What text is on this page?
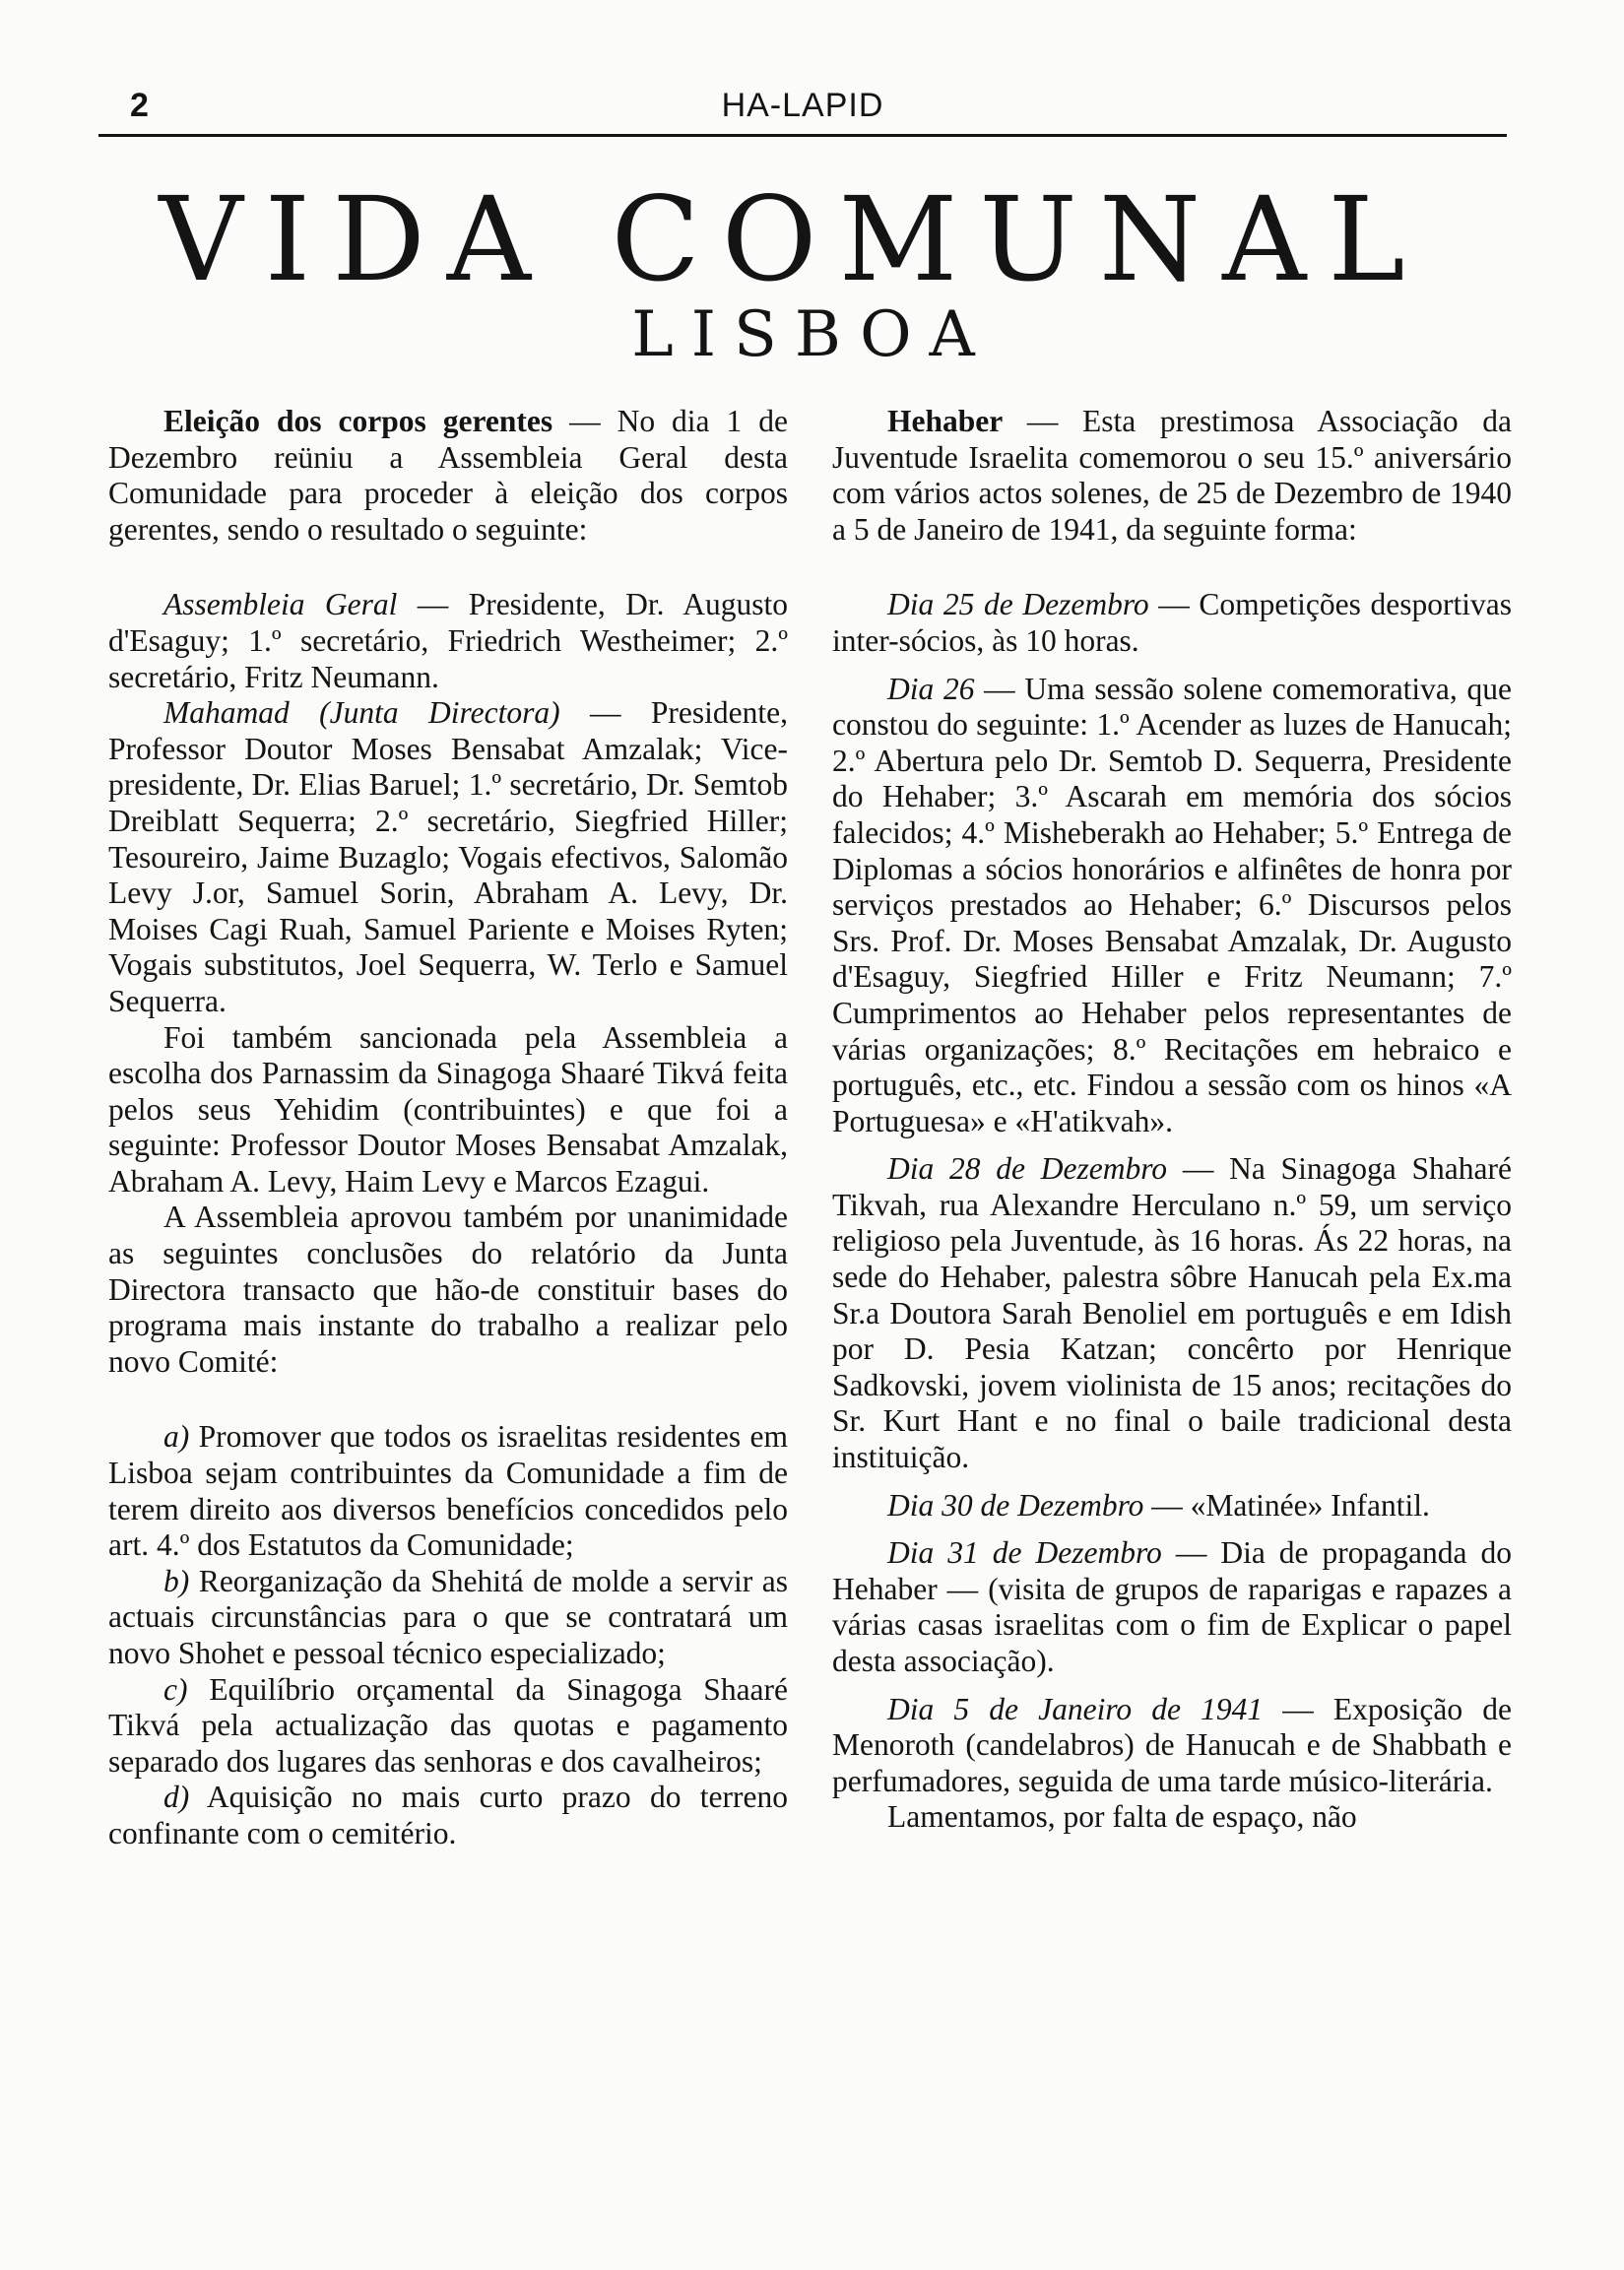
2	HA-LAPID
VIDA COMUNAL
LISBOA

Eleição dos corpos gerentes — No dia 1 de Dezembro reüniu a Assembleia Geral desta Comunidade para proceder à eleição dos corpos gerentes, sendo o resultado o seguinte:

Assembleia Geral — Presidente, Dr. Augusto d'Esaguy; 1.º secretário, Friedrich Westheimer; 2.º secretário, Fritz Neumann.

Mahamad (Junta Directora) — Presidente, Professor Doutor Moses Bensabat Amzalak; Vice-presidente, Dr. Elias Baruel; 1.º secretário, Dr. Semtob Dreiblatt Sequerra; 2.º secretário, Siegfried Hiller; Tesoureiro, Jaime Buzaglo; Vogais efectivos, Salomão Levy J.or, Samuel Sorin, Abraham A. Levy, Dr. Moises Cagi Ruah, Samuel Pariente e Moises Ryten; Vogais substitutos, Joel Sequerra, W. Terlo e Samuel Sequerra.

Foi também sancionada pela Assembleia a escolha dos Parnassim da Sinagoga Shaaré Tikvá feita pelos seus Yehidim (contribuintes) e que foi a seguinte: Professor Doutor Moses Bensabat Amzalak, Abraham A. Levy, Haim Levy e Marcos Ezagui.

A Assembleia aprovou também por unanimidade as seguintes conclusões do relatório da Junta Directora transacto que hão-de constituir bases do programa mais instante do trabalho a realizar pelo novo Comité:

a) Promover que todos os israelitas residentes em Lisboa sejam contribuintes da Comunidade a fim de terem direito aos diversos benefícios concedidos pelo art. 4.º dos Estatutos da Comunidade;

b) Reorganização da Shehitá de molde a servir as actuais circunstâncias para o que se contratará um novo Shohet e pessoal técnico especializado;

c) Equilíbrio orçamental da Sinagoga Shaaré Tikvá pela actualização das quotas e pagamento separado dos lugares das senhoras e dos cavalheiros;

d) Aquisição no mais curto prazo do terreno confinante com o cemitério.

Hehaber — Esta prestimosa Associação da Juventude Israelita comemorou o seu 15.º aniversário com vários actos solenes, de 25 de Dezembro de 1940 a 5 de Janeiro de 1941, da seguinte forma:

Dia 25 de Dezembro — Competições desportivas inter-sócios, às 10 horas.

Dia 26 — Uma sessão solene comemorativa, que constou do seguinte: 1.º Acender as luzes de Hanucah; 2.º Abertura pelo Dr. Semtob D. Sequerra, Presidente do Hehaber; 3.º Ascarah em memória dos sócios falecidos; 4.º Misheberakh ao Hehaber; 5.º Entrega de Diplomas a sócios honorários e alfinêtes de honra por serviços prestados ao Hehaber; 6.º Discursos pelos Srs. Prof. Dr. Moses Bensabat Amzalak, Dr. Augusto d'Esaguy, Siegfried Hiller e Fritz Neumann; 7.º Cumprimentos ao Hehaber pelos representantes de várias organizações; 8.º Recitações em hebraico e português, etc., etc. Findou a sessão com os hinos «A Portuguesa» e «H'atikvah».

Dia 28 de Dezembro — Na Sinagoga Shaharé Tikvah, rua Alexandre Herculano n.º 59, um serviço religioso pela Juventude, às 16 horas. Ás 22 horas, na sede do Hehaber, palestra sôbre Hanucah pela Ex.ma Sr.a Doutora Sarah Benoliel em português e em Idish por D. Pesia Katzan; concêrto por Henrique Sadkovski, jovem violinista de 15 anos; recitações do Sr. Kurt Hant e no final o baile tradicional desta instituição.

Dia 30 de Dezembro — «Matinée» Infantil.

Dia 31 de Dezembro — Dia de propaganda do Hehaber — (visita de grupos de raparigas e rapazes a várias casas israelitas com o fim de Explicar o papel desta associação).

Dia 5 de Janeiro de 1941 — Exposição de Menoroth (candelabros) de Hanucah e de Shabbath e perfumadores, seguida de uma tarde músico-literária.

Lamentamos, por falta de espaço, não
